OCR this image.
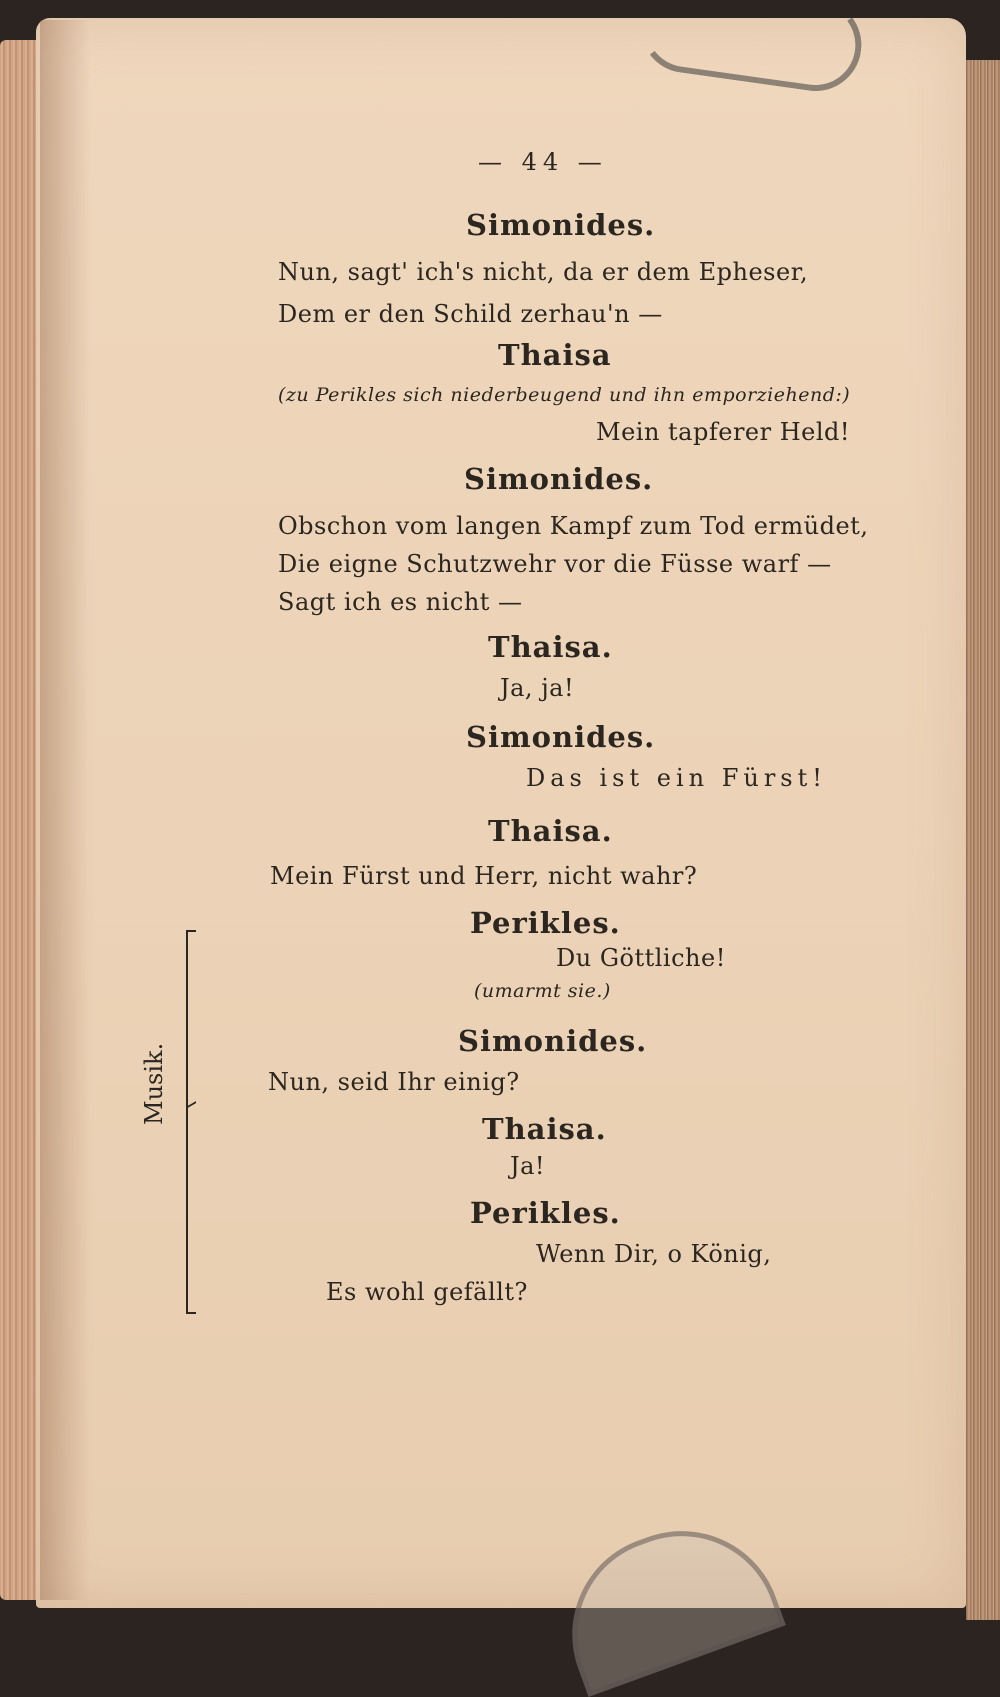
— 44 —

Simonides.

Nun, sagt' ich's nicht, da er dem Epheser,

Dem er den Schild zerhau'n —

Thaisa

(zu Perikles sich niederbeugend und ihn emporziehend:)

Mein tapferer Held!

Simonides.

Obschon vom langen Kampf zum Tod ermüdet,

Die eigne Schutzwehr vor die Füsse warf —

Sagt ich es nicht —

Thaisa.

Ja, ja!

Simonides.

Das ist ein Fürst!

Thaisa.

Mein Fürst und Herr, nicht wahr?

Perikles.

Du Göttliche!

(umarmt sie.)

Simonides.

Nun, seid Ihr einig?

Thaisa.

Ja!

Perikles.

Wenn Dir, o König,

Es wohl gefällt?

Musik.
